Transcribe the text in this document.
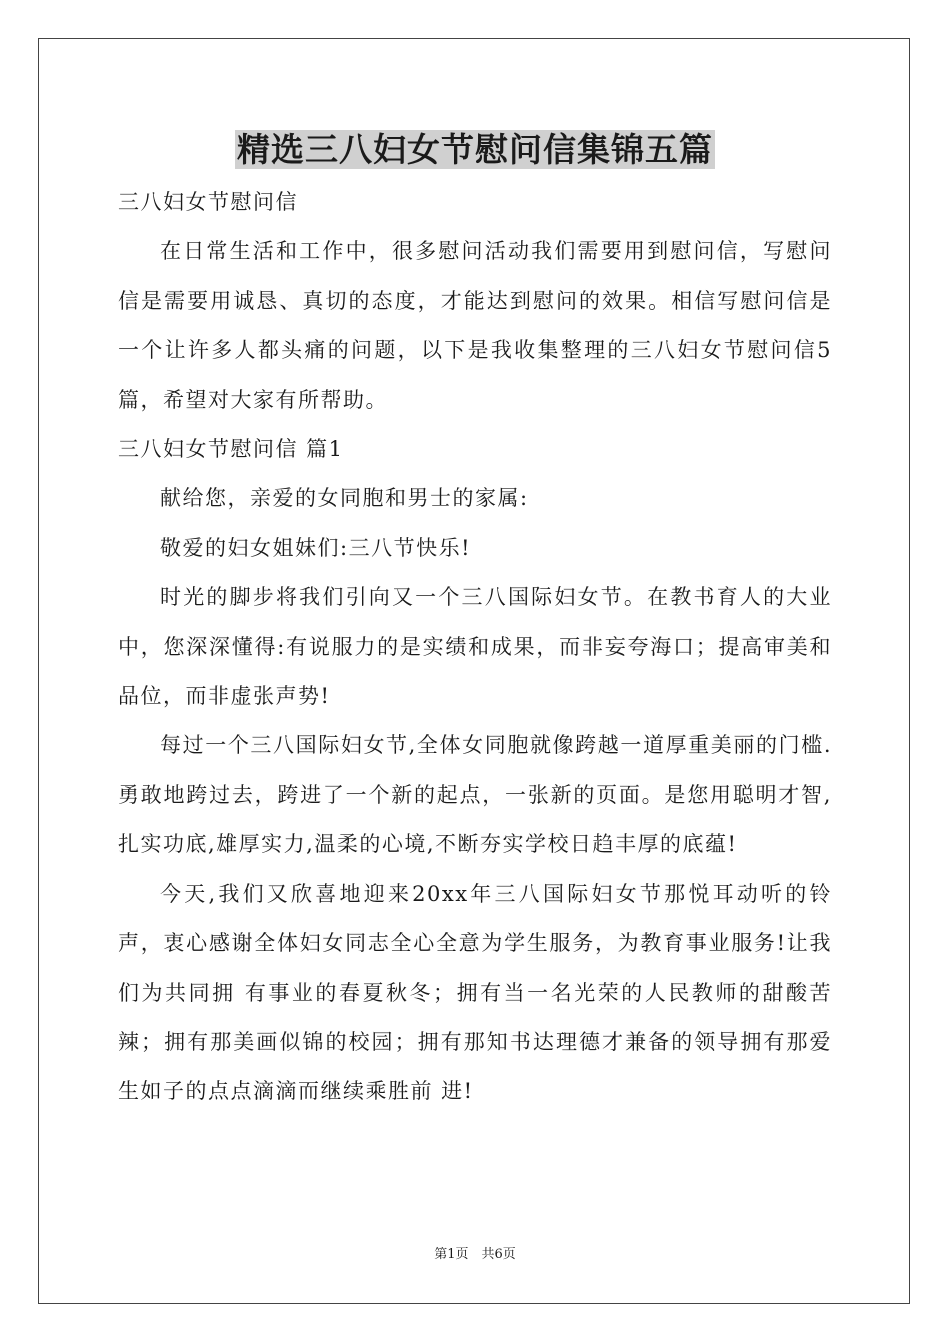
精选三八妇女节慰问信集锦五篇

三八妇女节慰问信

在日常生活和工作中，很多慰问活动我们需要用到慰问信，写慰问信是需要用诚恳、真切的态度，才能达到慰问的效果。相信写慰问信是一个让许多人都头痛的问题，以下是我收集整理的三八妇女节慰问信5篇，希望对大家有所帮助。

三八妇女节慰问信 篇1

献给您，亲爱的女同胞和男士的家属:

敬爱的妇女姐妹们:三八节快乐!

时光的脚步将我们引向又一个三八国际妇女节。在教书育人的大业中，您深深懂得:有说服力的是实绩和成果，而非妄夸海口；提高审美和品位，而非虚张声势!

每过一个三八国际妇女节,全体女同胞就像跨越一道厚重美丽的门槛.勇敢地跨过去，跨进了一个新的起点，一张新的页面。是您用聪明才智,扎实功底,雄厚实力,温柔的心境,不断夯实学校日趋丰厚的底蕴!

今天,我们又欣喜地迎来20xx年三八国际妇女节那悦耳动听的铃声，衷心感谢全体妇女同志全心全意为学生服务，为教育事业服务!让我们为共同拥 有事业的春夏秋冬；拥有当一名光荣的人民教师的甜酸苦辣；拥有那美画似锦的校园；拥有那知书达理德才兼备的领导拥有那爱生如子的点点滴滴而继续乘胜前 进!

第1页　共6页
